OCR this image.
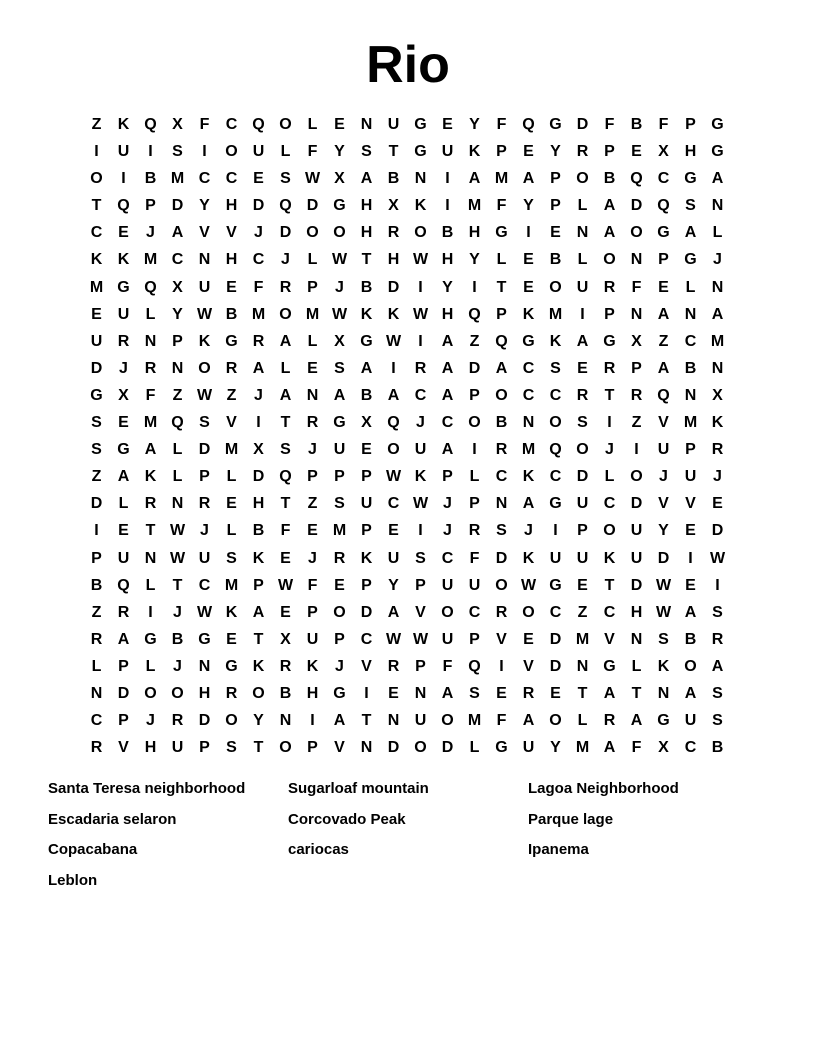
Rio
Z	K Q X	F	C Q O L	E N U G E	Y	F Q G D	F	B	F	P G
I	U	I	S	I	O U	L	F	Y	S	T G U K P	E	Y R P	E	X H G
O	I	B M C C E	S W X A B N	I	A M A P O B Q C G A
T Q P D Y H D Q D G H X K	I	M F	Y	P	L	A D Q S N
C E	J	A V	V	J	D O O H R O B H G	I	E N A O G A	L
K K M C N H C	J	L W T	H W H Y	L	E B	L O N P G	J
M G Q X U E	F	R P	J	B D	I	Y	I	T	E O U R	F	E	L	N
E U	L	Y W B M O M W K K W H Q P K M	I	P N A N A
U R N P K G R A	L	X G W	I	A	Z Q G K A G X	Z	C M
D	J	R N O R A	L	E	S A	I	R A D A C S	E R P A B N
G X	F	Z W Z	J	A N A B A C A P O C C R	T	R Q N X
S	E M Q S	V	I	T	R G X Q	J	C O B N O S	I	Z	V M K
S G A	L	D M X	S	J	U E O U A	I	R M Q O	J	I	U P R
Z	A K	L	P	L	D Q P	P	P W K P	L	C K C D	L O	J	U	J
D	L	R N R E H	T	Z	S U C W J	P N A G U C D V	V	E
I	E	T W J	L	B	F	E M P	E	I	J	R S	J	I	P O U Y	E D
P U N W U S K E	J	R K U S C	F	D K U U K U D	I	W
B Q L	T	C M P W F	E	P	Y	P U U O W G E	T	D W E	I
Z	R	I	J W K A E	P O D A V O C R O C	Z	C H W A S
R A G B G E	T	X U P C W W U P	V	E D M V N S B R
L	P	L	J	N G K R K	J	V R P	F Q	I	V D N G L	K O A
N D O O H R O B H G	I	E N A S	E R E	T	A	T	N A S
C P	J	R D O Y N	I	A	T	N U O M F	A O L	R A G U S
R V H U P	S	T O P	V N D O D	L G U Y M A	F	X C B
Santa Teresa neighborhood	Sugarloaf mountain	Lagoa Neighborhood
Escadaria selaron	Corcovado Peak	Parque lage
Copacabana	cariocas	Ipanema
Leblon
